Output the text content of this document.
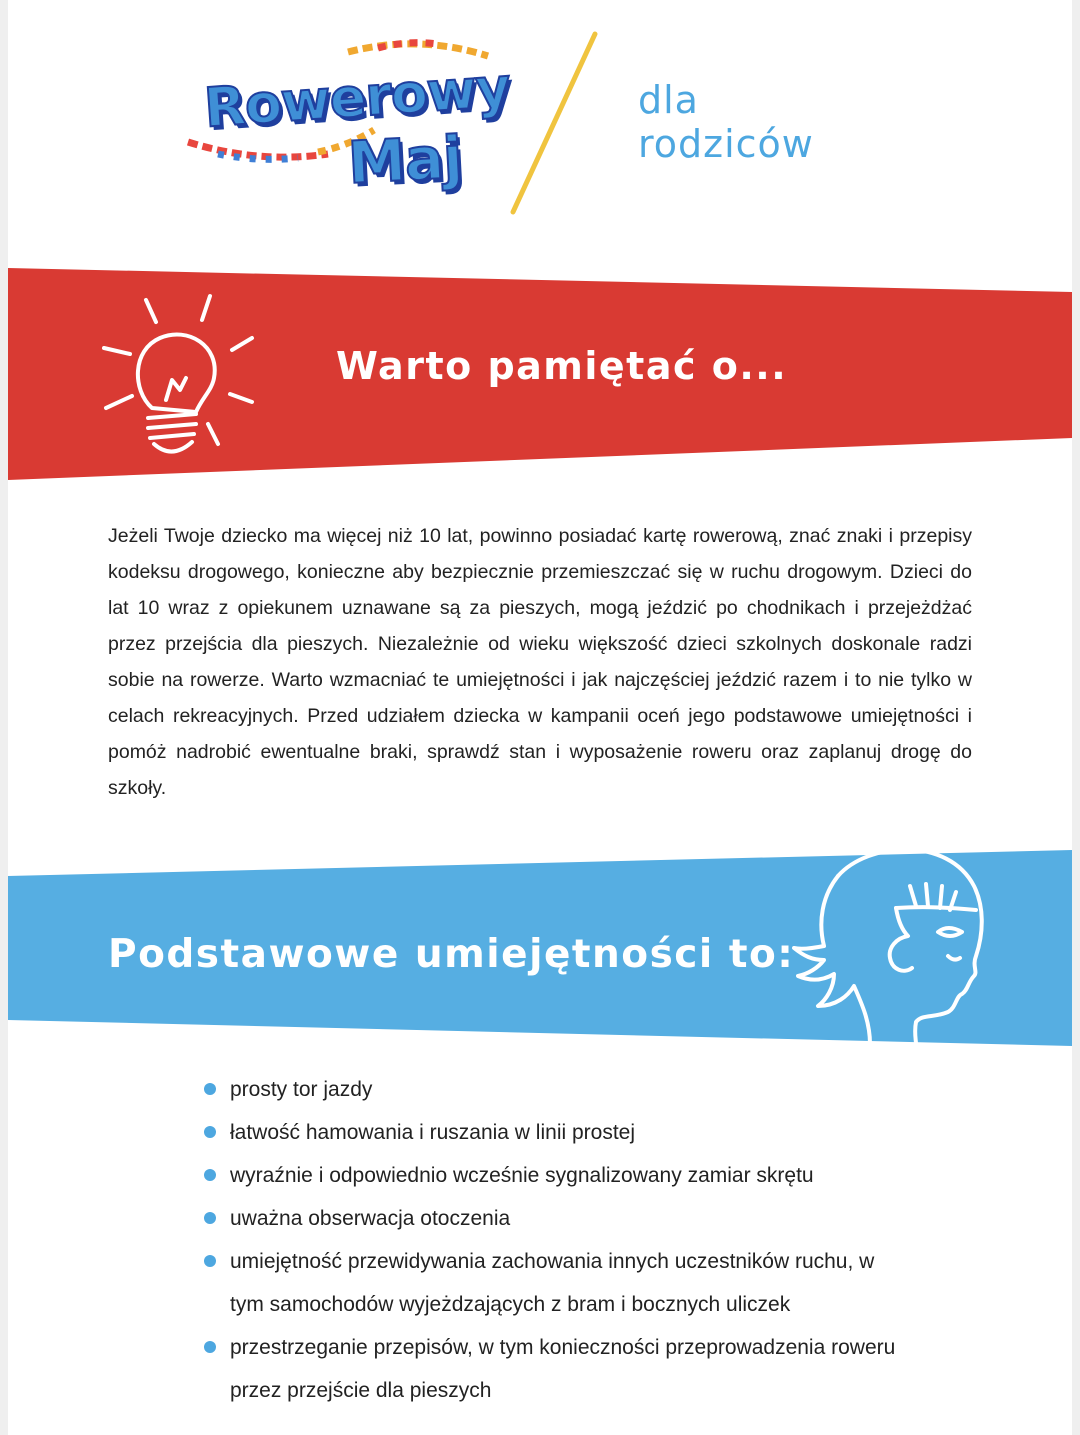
Rowerowy
Maj
dla
rodziców
Warto pamiętać o...

Jeżeli Twoje dziecko ma więcej niż 10 lat, powinno posiadać kartę rowerową, znać znaki i przepisy kodeksu drogowego, konieczne aby bezpiecznie przemieszczać się w ruchu drogowym. Dzieci do lat 10 wraz z opiekunem uznawane są za pieszych, mogą jeździć po chodnikach i przejeżdżać przez przejścia dla pieszych. Niezależnie od wieku większość dzieci szkolnych doskonale radzi sobie na rowerze. Warto wzmacniać te umiejętności i jak najczęściej jeździć razem i to nie tylko w celach rekreacyjnych. Przed udziałem dziecka w kampanii oceń jego podstawowe umiejętności i pomóż nadrobić ewentualne braki, sprawdź stan i wyposażenie roweru oraz zaplanuj drogę do szkoły.

Podstawowe umiejętności to:
prosty tor jazdy
łatwość hamowania i ruszania w linii prostej
wyraźnie i odpowiednio wcześnie sygnalizowany zamiar skrętu
uważna obserwacja otoczenia
umiejętność przewidywania zachowania innych uczestników ruchu, w tym samochodów wyjeżdzających z bram i bocznych uliczek
przestrzeganie przepisów, w tym konieczności przeprowadzenia roweru przez przejście dla pieszych
